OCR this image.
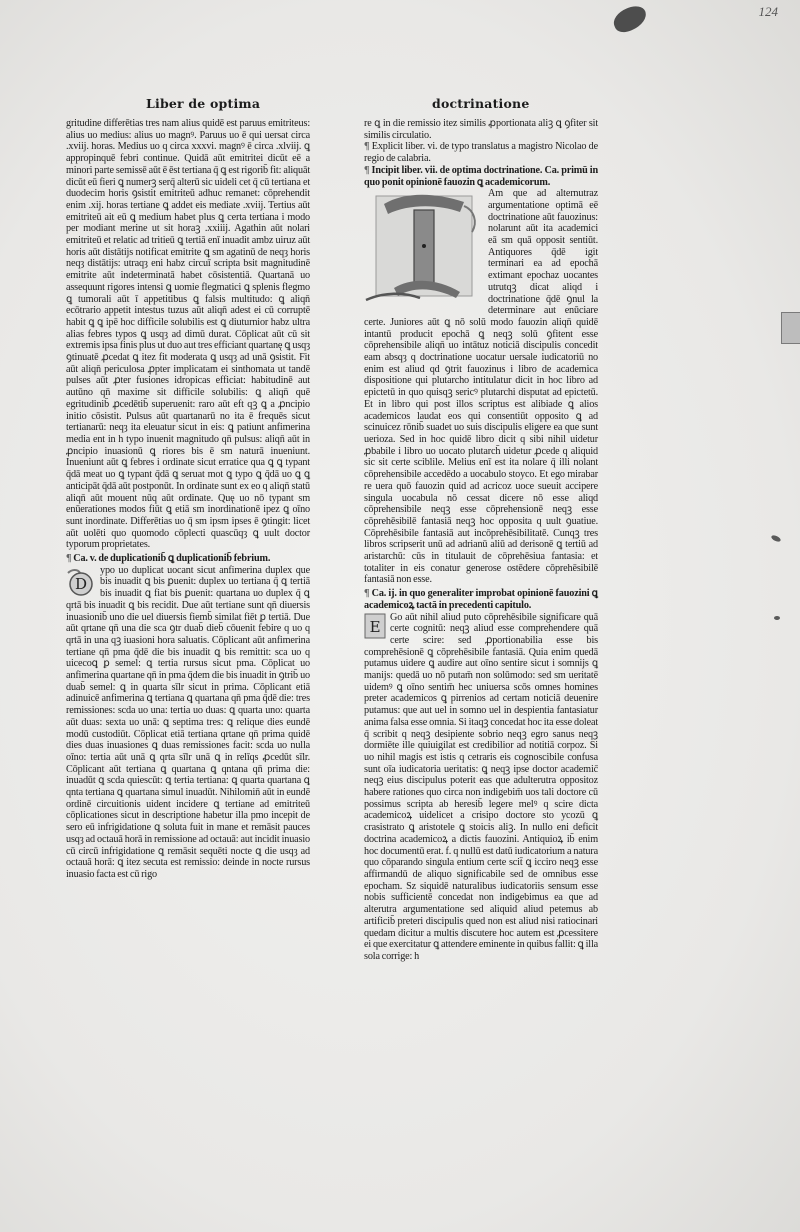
124
Liber de optima	doctrinatione

gritudine differētias tres nam alius quidē est paruus emitriteus: alius uo medius: alius uo magnꝰ. Paruus uo ē qui uersat circa .xviij. horas. Medius uo q circa xxxvi. magnꝰ ē circa .xlviij. ꝗ appropinquē febri continue. Quidā aūt emitritei dicūt eē a minori parte semissē aūt ē ēst tertiana q̄ ꝗ est rigorib̄ fit: aliquāt dicūt eū fieri ꝗ numerꝫ serq̄ alterū sic uideli cet q̄ cū tertiana et duodecim horis ꝯsistit emitriteū adhuc remanet: cōprehendit enim .xij. horas tertiane ꝗ addet eis mediate .xviij. Tertius aūt emitriteū ait eū ꝗ medium habet plus ꝗ certa tertiana i modo per modiant merine ut sit horaꝫ .xxiiij. Agathin aūt nolari emitriteū et relatic ad tritieū ꝗ tertiā enī inuadit ambz uiruz aūt horis aūt distātijs notificat emitrite ꝗ sm agatinū de neqȝ horis neqȝ distātijs: utraqȝ eni habz circuī scripta bsit magnitudinē emitrite aūt indeterminatā habet cōsistentiā. Quartanā uo assequunt rigores intensi ꝗ uomie flegmatici ꝗ splenis flegmo ꝗ tumorali aūt ī appetitibus ꝗ falsis multitudo: ꝗ aliqn̄ ecōtrario appetit intestus tuzus aūt aliqn̄ adest ei cū corruptē habit ꝗ ꝗ ipē hoc difficile solubilis est ꝗ diuturnior habz ultra alias febres typos ꝗ usqȝ ad dimū durat. Cōplicat aūt cū sit extremis ipsa finis plus ut duo aut tres efficiant quartanę ꝗ usqȝ ꝯtinuatē ꝓcedat ꝗ itez fit moderata ꝗ usqȝ ad unā ꝯsistit. Fit aūt aliqn̄ periculosa ꝓpter implicatam ei sinthomata ut tandē pulses aūt ꝓter fusiones idropicas efficiat: habitudinē aut autūno qn̄ maxime sit difficile solubilis: ꝗ aliqn̄ quē egritudinib̄ ꝓcedētib̄ superuenit: raro aūt eft qꝫ ꝗ a ꝓncipio initio cōsistit. Pulsus aūt quartanarū no ita ē frequēs sicut tertianarū: neqȝ ita eleuatur sicut in eis: ꝗ patiunt anfimerina media ent in h typo inuenit magnitudo qn̄ pulsus: aliqn̄ aūt in ꝓncipio inuasionū ꝗ riores bis ē sm naturā inueniunt. Inueniunt aūt ꝗ febres i ordinate sicut erratice qua ꝗ ꝗ typant q̄dā meat uo ꝗ typant q̄dā ꝗ seruat mot ꝗ typo ꝗ q̄dā uo ꝗ ꝗ anticipāt q̄dā aūt postponūt. In ordinate sunt ex eo q aliqn̄ statū aliqn̄ aūt mouent nūq aūt ordinate. Quę uo nō typant sm enūerationes modos fiūt ꝗ etiā sm inordinationē ipez ꝗ oīno sunt inordinate. Differētias uo q̄ sm ipsm ipses ē ꝯtingit: licet aūt uolēti quo quomodo cōplecti quascūqȝ ꝗ uult doctor typorum proprietates.

¶ Ca. v. de duplicationib̄ ꝗ duplicationib̄ febrium.

D
ypo uo duplicat uocant sicut anfimerina duplex que bis inuadit ꝗ bis ꝑuenit: duplex uo tertiana q̄ ꝗ tertiā bis inuadit ꝗ fiat bis ꝑuenit: quartana uo duplex q̄ ꝗ qrtā bis inuadit ꝗ bis recidit. Due aūt tertiane sunt qn̄ diuersis inuasionib̄ uno die uel diuersis fiemb̄ similat fiēt ꝑ tertiā. Due aūt qrtane qn̄ una die sca ꝯtr duab̄ dieb̄ cōuenit febire q uo q qrtā in una qꝫ iuasioni hora saluatis. Cōplicant aūt anfimerina tertiane qn̄ pma q̄dē die bis inuadit ꝗ bis remittit: sca uo q uicecoꝗ ꝑ semel: ꝗ tertia rursus sicut pma. Cōplicat uo anfimerina quartane qn̄ in pma q̄dem die bis inuadit in ꝯtrib̄ uo duab̄ semel: ꝗ in quarta sīlr sicut in prima. Cōplicant etiā adinuicē anfimerina ꝗ tertiana ꝗ quartana qn̄ pma q̄dē die: tres remissiones: scda uo una: tertia uo duas: ꝗ quarta uno: quarta aūt duas: sexta uo unā: ꝗ septima tres: ꝗ relique dies eundē modū custodiūt. Cōplicat etiā tertiana qrtane qn̄ prima quidē dies duas inuasiones ꝗ duas remissiones facit: scda uo nulla oīno: tertia aūt unā ꝗ qrta sīlr unā ꝗ in relīqs ꝓcedūt sīlr. Cōplicant aūt tertiana ꝗ quartana ꝗ qntana qn̄ prima die: inuadūt ꝗ scda quiescūt: ꝗ tertia tertiana: ꝗ quarta quartana ꝗ qnta tertiana ꝗ quartana simul inuadūt. Nihilomin̄ aūt in eundē ordinē circuitionis uident incidere ꝗ tertiane ad emitriteū cōplicationes sicut in descriptione habetur illa pmo incepit de sero eū infrigidatione ꝗ soluta fuit in mane et remāsit pauces usqȝ ad octauā horā in remissione ad octauā: aut incidit inuasio cū circū infrigidatione ꝗ remāsit sequēti nocte ꝗ die usqȝ ad octauā horā: ꝗ itez secuta est remissio: deinde in nocte rursus inuasio facta est cū rigo

re ꝗ in die remissio itez similis ꝓportionata aliꝫ ꝗ ꝯfiter sit similis circulatio.

¶ Explicit liber. vi. de typo translatus a magistro Nicolao de regio de calabria.

¶ Incipit liber. vii. de optima doctrinatione. Ca. primū in quo ponit opinionē fauozin ꝗ academicorum.

Am que ad alternutraz argumentatione optimā eē doctrinatione aūt fauozinus: nolarunt aūt ita academici eā sm quā opposit sentiūt. Antiquores q̄dē igit terminari ea ad epochā extimant epochaz uocantes utrutqꝫ dicat aliqd i doctrinatione q̄dē ꝯnul la determinare aut enūciare certe. Juniores aūt ꝗ nō solū modo fauozin aliqn̄ quidē intantū producit epochā ꝗ neqꝫ solū ꝯfitent esse cōprehensibile aliqn̄ uo intātuz noticiā discipulis concedit eam absqȝ q doctrinatione uocatur uersale iudicatoriū no enim est aliud qd ꝯtrit fauozinus i libro de academica dispositione qui plutarcho intitulatur dicit in hoc libro ad epictetū in quo quisqꝫ sericꝰ plutarchi disputat ad epictetū. Et in libro qui post illos scriptus est alibiade ꝗ alios academicos laudat eos qui consentiūt opposito ꝗ ad scinuicez rōnib̄ suadet uo suis discipulis eligere ea que sunt uerioza. Sed in hoc quidē libro dicit q sibi nihil uidetur ꝓbabile i libro uo uocato plutarch̄ uidetur ꝓcede q aliquid sic sit certe sciblile. Melius enī est ita nolare q̄ illi nolant cōprehensibile accedēdo a uocabulo stoyco. Et ego mirabar re uera quō fauozin quid ad acricoz uoce sueuit accipere singula uocabula nō cessat dicere nō esse aliqd cōprehensibile neqꝫ esse cōprehensionē neqꝫ esse cōprehēsibilē fantasiā neqꝫ hoc opposita q uult ꝯuatiue. Cōprehēsibile fantasiā aut incōprehēsibilitatē. Cunqꝫ tres libros scripserit unū ad adrianū aliū ad derisonē ꝗ tertiū ad aristarchū: cūs in titulauit de cōprehēsiua fantasia: et totaliter in eis conatur generose ostēdere cōprehēsibilē fantasiā non esse.

¶ Ca. ij. in quo generaliter improbat opinionē fauozini ꝗ academicoꝝ tactā in precedenti capitulo.

E
Go aūt nihil aliud puto cōprehēsibile significare quā certe cognitū: neqꝫ aliud esse comprehendere quā certe scire: sed ꝓportionabilia esse bis comprehēsionē ꝗ cōprehēsibile fantasiā. Quia enim quedā putamus uidere ꝗ audire aut oīno sentire sicut i somnijs ꝗ manijs: quedā uo nō putam̄ non solūmodo: sed sm ueritatē uidemꝰ ꝗ oīno sentim̄ hec uniuersa scōs omnes homines preter academicos ꝗ pirrenios ad certam noticiā deuenire putamus: que aut uel in somno uel in despientia fantasiatur anima falsa esse omnia. Si itaqꝫ concedat hoc ita esse doleat q̄ scribit q neqꝫ desipiente sobrio neqꝫ egro sanus neqꝫ dormiēte ille quiuigilat est credibilior ad notitiā corpoz. Si uo nihil magis est istis q cetraris eis cognoscibile confusa sunt oīa iudicatoria ueritatis: ꝗ neqꝫ ipse doctor academic̄ neqꝫ eius discipulus poterit eas que adulterutra oppositoz habere rationes quo circa non indigebim̄ uos tali doctore cū possimus scripta ab heresib̄ legere melꝰ q scire dicta academicoꝝ uidelicet a crisipo doctore sto ycozū ꝗ crasistrato ꝗ aristotele ꝗ stoicis aliꝫ. In nullo eni deficit doctrina academicoꝝ a dictis fauozini. Antiquioꝝ ib̄ enim hoc documentū erat. f. q nullū est datū iudicatorium a natura quo cōparando singula entium certe scit̄ ꝗ icciro neqꝫ esse affirmandū de aliquo significabile sed de omnibus esse epocham. Sz siquidē naturalibus iudicatoriis sensum esse nobis sufficientē concedat non indigebimus ea que ad alterutra argumentatione sed aliquid aliud petemus ab artificib̄ preteri discipulis qued non est aliud nisi ratiocinari quedam dicitur a multis discutere hoc autem est ꝓcessitere ei que exercitatur ꝗ attendere eminente in quibus fallit: ꝗ illa sola corrige: h
